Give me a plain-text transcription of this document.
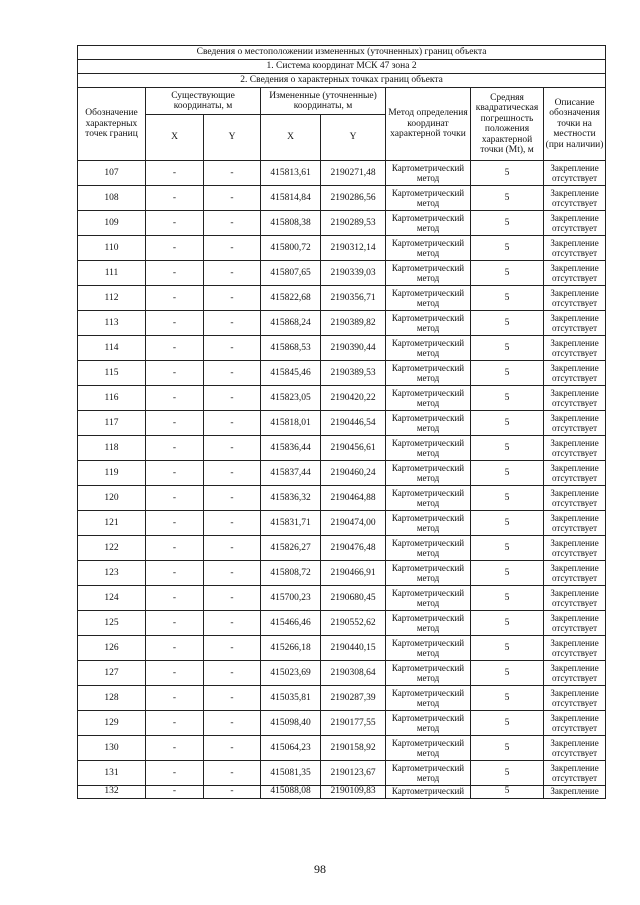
Сведения о местоположении измененных (уточненных) границ объекта							
1. Система координат МСК 47 зона 2							
2. Сведения о характерных точках границ объекта							
Обозначение характерных точек границ	Существующие координаты, м		Измененные (уточненные) координаты, м		Метод определения координат характерной точки	Средняя квадратическая погрешность положения характерной точки (Mt), м	Описание обозначения точки на местности (при наличии)
	X	Y	X	Y			
107	-	-	415813,61	2190271,48	Картометрический метод	5	Закрепление отсутствует
108	-	-	415814,84	2190286,56	Картометрический метод	5	Закрепление отсутствует
109	-	-	415808,38	2190289,53	Картометрический метод	5	Закрепление отсутствует
110	-	-	415800,72	2190312,14	Картометрический метод	5	Закрепление отсутствует
111	-	-	415807,65	2190339,03	Картометрический метод	5	Закрепление отсутствует
112	-	-	415822,68	2190356,71	Картометрический метод	5	Закрепление отсутствует
113	-	-	415868,24	2190389,82	Картометрический метод	5	Закрепление отсутствует
114	-	-	415868,53	2190390,44	Картометрический метод	5	Закрепление отсутствует
115	-	-	415845,46	2190389,53	Картометрический метод	5	Закрепление отсутствует
116	-	-	415823,05	2190420,22	Картометрический метод	5	Закрепление отсутствует
117	-	-	415818,01	2190446,54	Картометрический метод	5	Закрепление отсутствует
118	-	-	415836,44	2190456,61	Картометрический метод	5	Закрепление отсутствует
119	-	-	415837,44	2190460,24	Картометрический метод	5	Закрепление отсутствует
120	-	-	415836,32	2190464,88	Картометрический метод	5	Закрепление отсутствует
121	-	-	415831,71	2190474,00	Картометрический метод	5	Закрепление отсутствует
122	-	-	415826,27	2190476,48	Картометрический метод	5	Закрепление отсутствует
123	-	-	415808,72	2190466,91	Картометрический метод	5	Закрепление отсутствует
124	-	-	415700,23	2190680,45	Картометрический метод	5	Закрепление отсутствует
125	-	-	415466,46	2190552,62	Картометрический метод	5	Закрепление отсутствует
126	-	-	415266,18	2190440,15	Картометрический метод	5	Закрепление отсутствует
127	-	-	415023,69	2190308,64	Картометрический метод	5	Закрепление отсутствует
128	-	-	415035,81	2190287,39	Картометрический метод	5	Закрепление отсутствует
129	-	-	415098,40	2190177,55	Картометрический метод	5	Закрепление отсутствует
130	-	-	415064,23	2190158,92	Картометрический метод	5	Закрепление отсутствует
131	-	-	415081,35	2190123,67	Картометрический метод	5	Закрепление отсутствует
132	-	-	415088,08	2190109,83	Картометрический	5	Закрепление
98
